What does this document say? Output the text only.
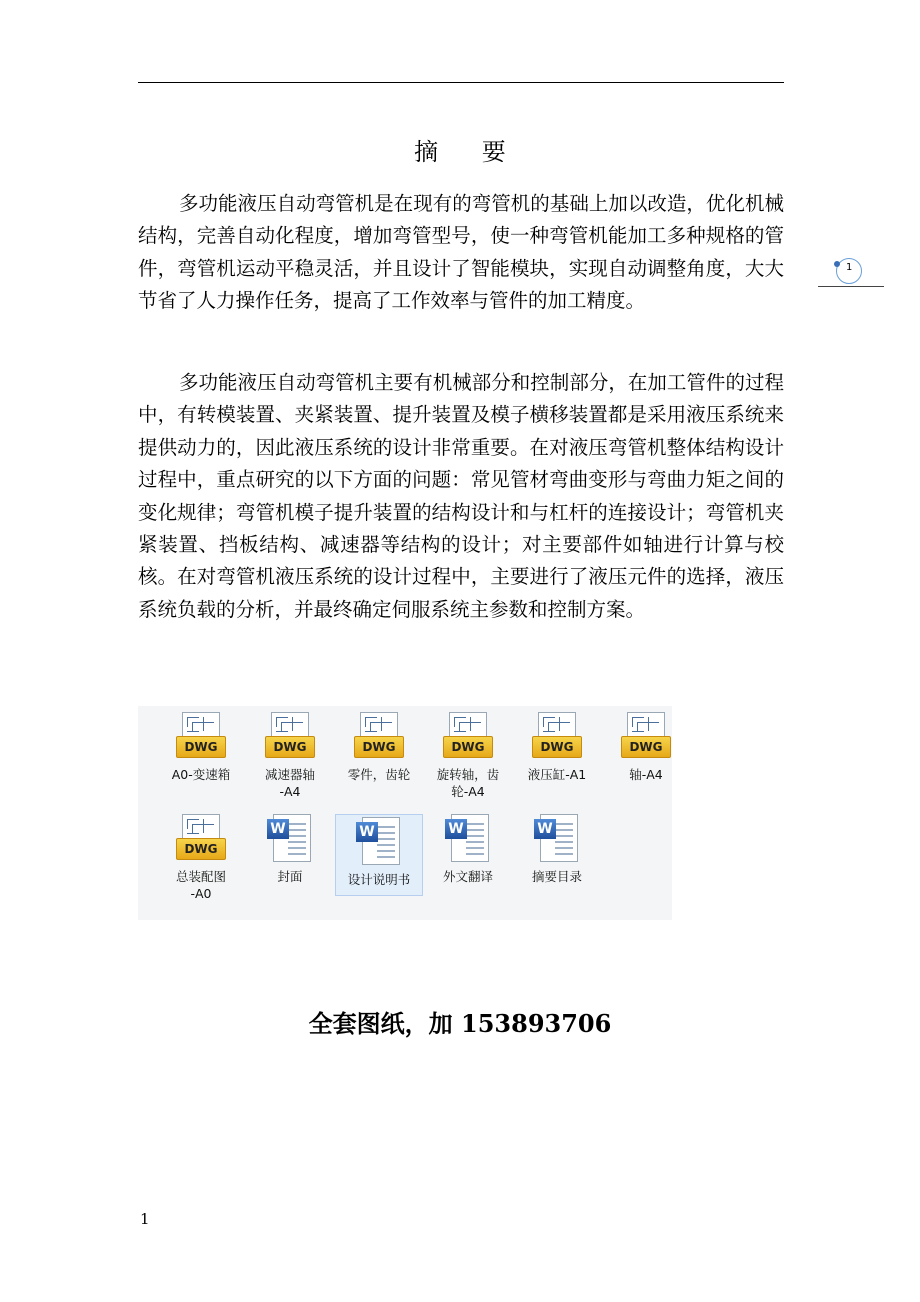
摘 要

多功能液压自动弯管机是在现有的弯管机的基础上加以改造，优化机械结构，完善自动化程度，增加弯管型号，使一种弯管机能加工多种规格的管件，弯管机运动平稳灵活，并且设计了智能模块，实现自动调整角度，大大节省了人力操作任务，提高了工作效率与管件的加工精度。

多功能液压自动弯管机主要有机械部分和控制部分，在加工管件的过程中，有转模装置、夹紧装置、提升装置及模子横移装置都是采用液压系统来提供动力的，因此液压系统的设计非常重要。在对液压弯管机整体结构设计过程中，重点研究的以下方面的问题：常见管材弯曲变形与弯曲力矩之间的变化规律；弯管机模子提升装置的结构设计和与杠杆的连接设计；弯管机夹紧装置、挡板结构、减速器等结构的设计；对主要部件如轴进行计算与校核。在对弯管机液压系统的设计过程中，主要进行了液压元件的选择，液压系统负载的分析，并最终确定伺服系统主参数和控制方案。

1
DWG
A0-变速箱
DWG
减速器轴
-A4
DWG
零件，齿轮
DWG
旋转轴，齿
轮-A4
DWG
液压缸-A1
DWG
轴-A4
DWG
总装配图
-A0
W
封面
W
设计说明书
W
外文翻译
W
摘要目录
全套图纸，加 153893706
1
